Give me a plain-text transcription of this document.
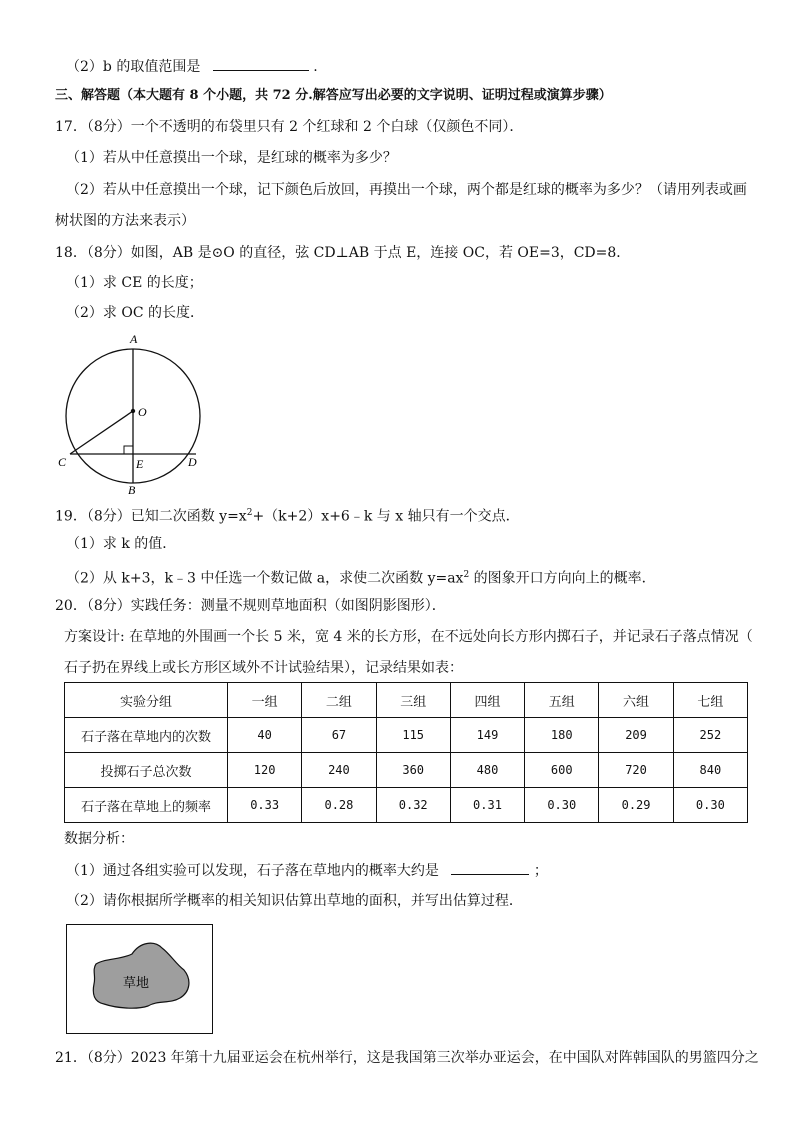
（2）b 的取值范围是	.
三、解答题（本大题有 8 个小题，共 72 分.解答应写出必要的文字说明、证明过程或演算步骤）
17．（8分）一个不透明的布袋里只有 2 个红球和 2 个白球（仅颜色不同）．
（1）若从中任意摸出一个球，是红球的概率为多少？
（2）若从中任意摸出一个球，记下颜色后放回，再摸出一个球，两个都是红球的概率为多少？（请用列表或画
树状图的方法来表示）
18．（8分）如图，AB 是⊙O 的直径，弦 CD⊥AB 于点 E，连接 OC，若 OE=3，CD=8．
（1）求 CE 的长度；
（2）求 OC 的长度．
A
O
C	E	D
B
19．（8分）已知二次函数 $y=x^2+(k+2)x+6﹣k$ 与 x 轴只有一个交点．
（1）求 k 的值．
（2）从 k+3，k﹣3 中任选一个数记做 a，求使二次函数 $y=ax^2$ 的图象开口方向向上的概率．
20．（8分）实践任务：测量不规则草地面积（如图阴影图形）．
方案设计: 在草地的外围画一个长 5 米，宽 4 米的长方形，在不远处向长方形内掷石子，并记录石子落点情况（
石子扔在界线上或长方形区域外不计试验结果），记录结果如表：
实验分组	一组	二组	三组	四组	五组	六组	七组
石子落在草地内的次数	40	67	115	149	180	209	252
投掷石子总次数	120	240	360	480	600	720	840
石子落在草地上的频率	0.33	0.28	0.32	0.31	0.30	0.29	0.30
数据分析：
（1）通过各组实验可以发现，石子落在草地内的概率大约是	；
（2）请你根据所学概率的相关知识估算出草地的面积，并写出估算过程．
草地
21．（8分）2023 年第十九届亚运会在杭州举行，这是我国第三次举办亚运会，在中国队对阵韩国队的男篮四分之
